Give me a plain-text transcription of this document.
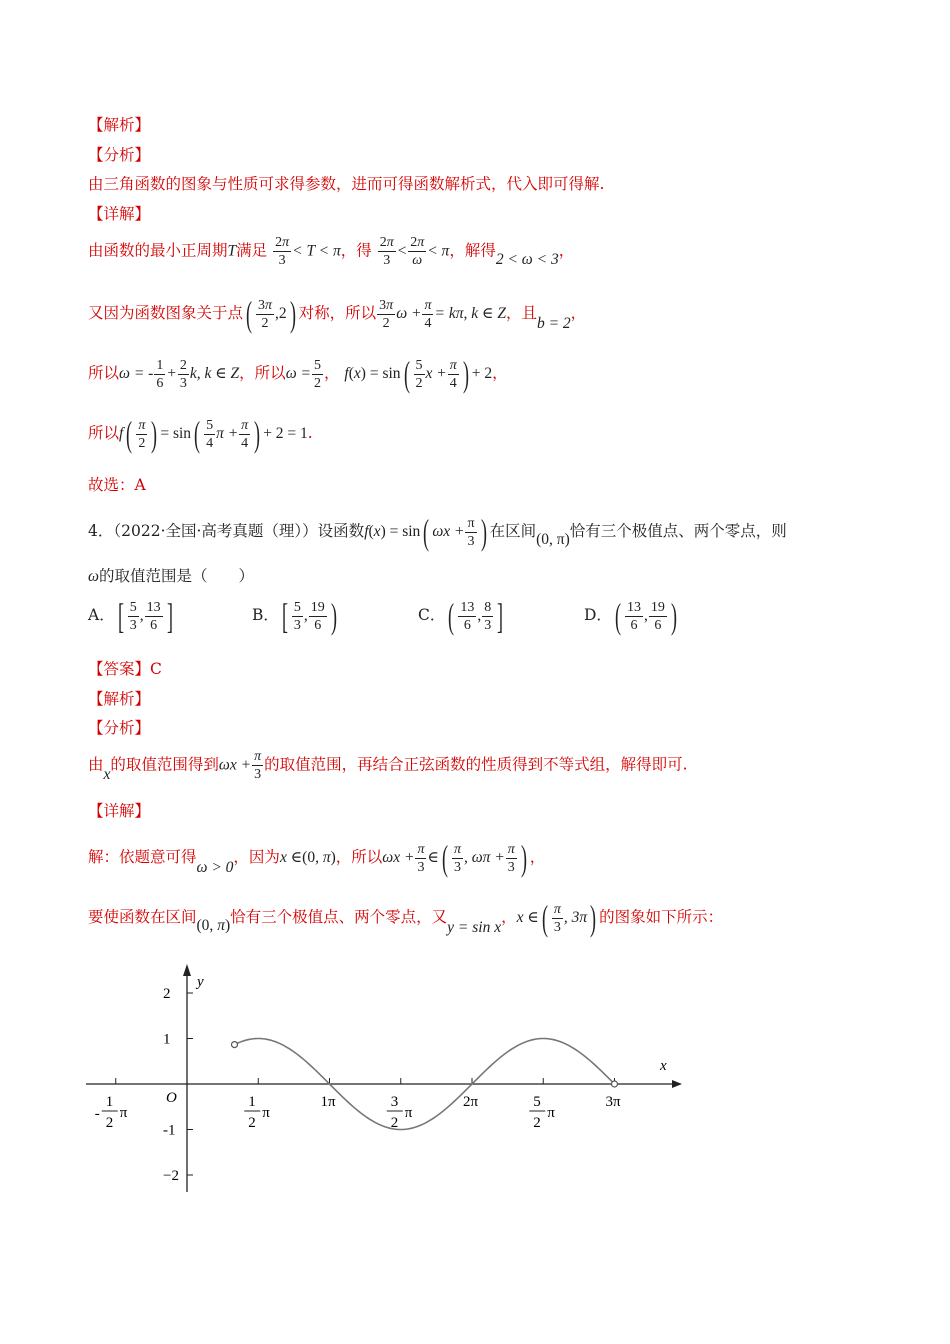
【解析】
【分析】
由三角函数的图象与性质可求得参数，进而可得函数解析式，代入即可得解.
【详解】
由函数的最小正周期T满足 $\frac{2\pi}{3} < T < \pi$，得 $\frac{2\pi}{3} < \frac{2\pi}{\omega} < \pi$，解得2 < ω < 3，
又因为函数图象关于点( $\frac{3\pi}{2} ,2$) 对称，所以 $\frac{3\pi}{2}$ $\omega + \frac{\pi}{4} = k\pi$, k ∈ Z，且b = 2，
所以ω = - $\frac{1}{6} + \frac{2}{3} k$, k ∈ Z，所以$\omega = \frac{5}{2}$ ， $f(x) = \sin( \frac{5}{2}$ $x + \frac{\pi}{4}$ ) + 2，
所以$f( \frac{\pi}{2}$ ) = $\sin( \frac{5}{4}$ $\pi + \frac{\pi}{4}$ ) + 2 = 1.
故选：A
4．（2022·全国·高考真题（理））设函数f(x) = sin( $\omega x + \frac{\pi}{3}$ ) 在区间(0, π)恰有三个极值点、两个零点，则
ω的取值范围是（　　）
A．[ $\frac{5}{3}$ , $\frac{13}{6}$ ]	B．[ $\frac{5}{3}$ , $\frac{19}{6}$ )	C．( $\frac{13}{6}$ , $\frac{8}{3}$ ]	D．( $\frac{13}{6}$ , $\frac{19}{6}$ )
【答案】C
【解析】
【分析】
由x的取值范围得到$\omega x + \frac{\pi}{3}$ 的取值范围，再结合正弦函数的性质得到不等式组，解得即可.
【详解】
解：依题意可得ω > 0，因为x ∈(0, π)，所以$\omega x + \frac{\pi}{3}$ ∈( $\frac{\pi}{3}$ , $\omega\pi + \frac{\pi}{3}$ ) ，
要使函数在区间(0, π)恰有三个极值点、两个零点，又y = sin x，x ∈( $\frac{\pi}{3}$ , 3π) 的图象如下所示：
y
x
O
2
1
-1
−2
1π	2π	3π
1
2
π
-
1
2
π
3
2
π
5
2
π
